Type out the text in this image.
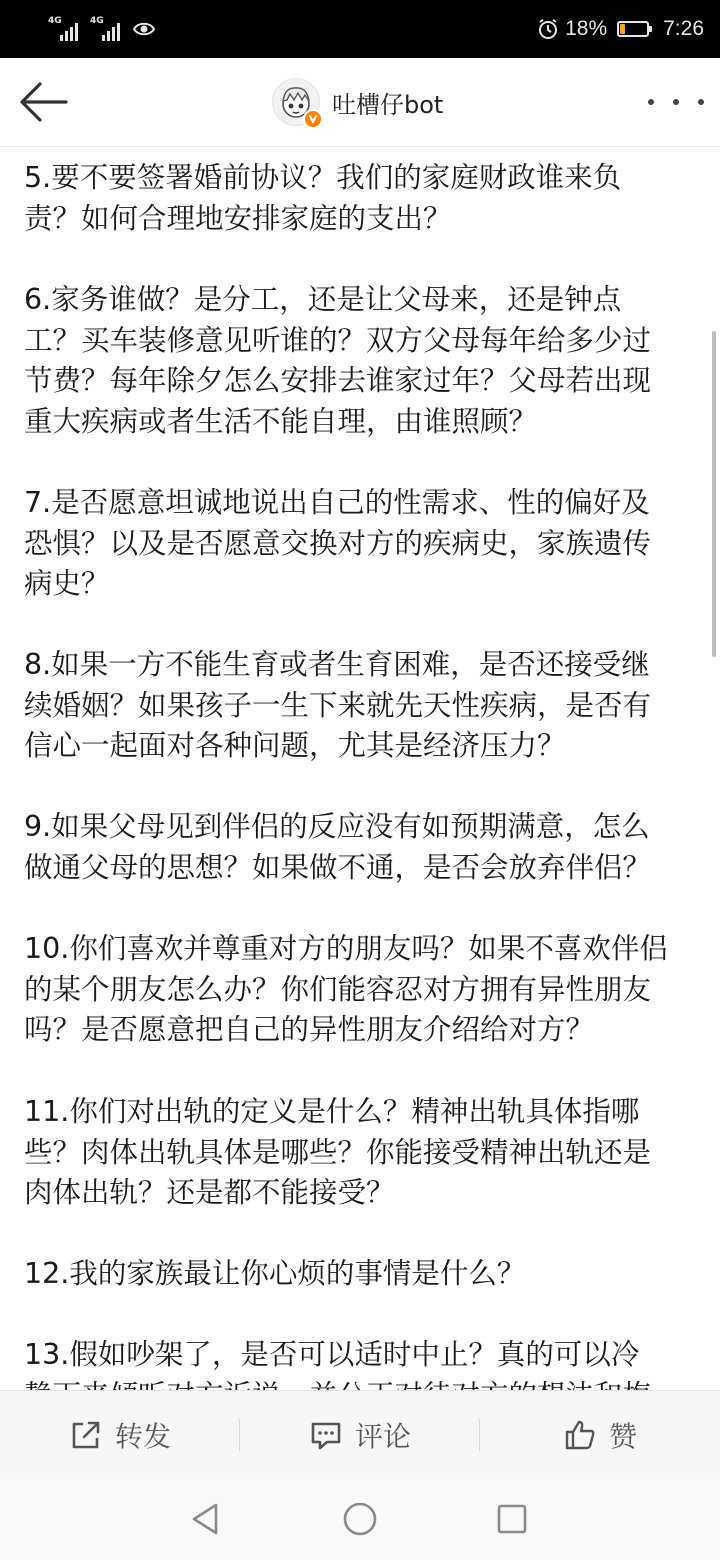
4G	4G	18%	7:26
吐槽仔bot

5.要不要签署婚前协议？我们的家庭财政谁来负
责？如何合理地安排家庭的支出？

6.家务谁做？是分工，还是让父母来，还是钟点
工？买车装修意见听谁的？双方父母每年给多少过
节费？每年除夕怎么安排去谁家过年？父母若出现
重大疾病或者生活不能自理，由谁照顾？

7.是否愿意坦诚地说出自己的性需求、性的偏好及
恐惧？以及是否愿意交换对方的疾病史，家族遗传
病史？

8.如果一方不能生育或者生育困难，是否还接受继
续婚姻？如果孩子一生下来就先天性疾病，是否有
信心一起面对各种问题，尤其是经济压力？

9.如果父母见到伴侣的反应没有如预期满意，怎么
做通父母的思想？如果做不通，是否会放弃伴侣？

10.你们喜欢并尊重对方的朋友吗？如果不喜欢伴侣
的某个朋友怎么办？你们能容忍对方拥有异性朋友
吗？是否愿意把自己的异性朋友介绍给对方？

11.你们对出轨的定义是什么？精神出轨具体指哪
些？肉体出轨具体是哪些？你能接受精神出轨还是
肉体出轨？还是都不能接受？

12.我的家族最让你心烦的事情是什么？

13.假如吵架了，是否可以适时中止？真的可以冷

转发	评论	赞
